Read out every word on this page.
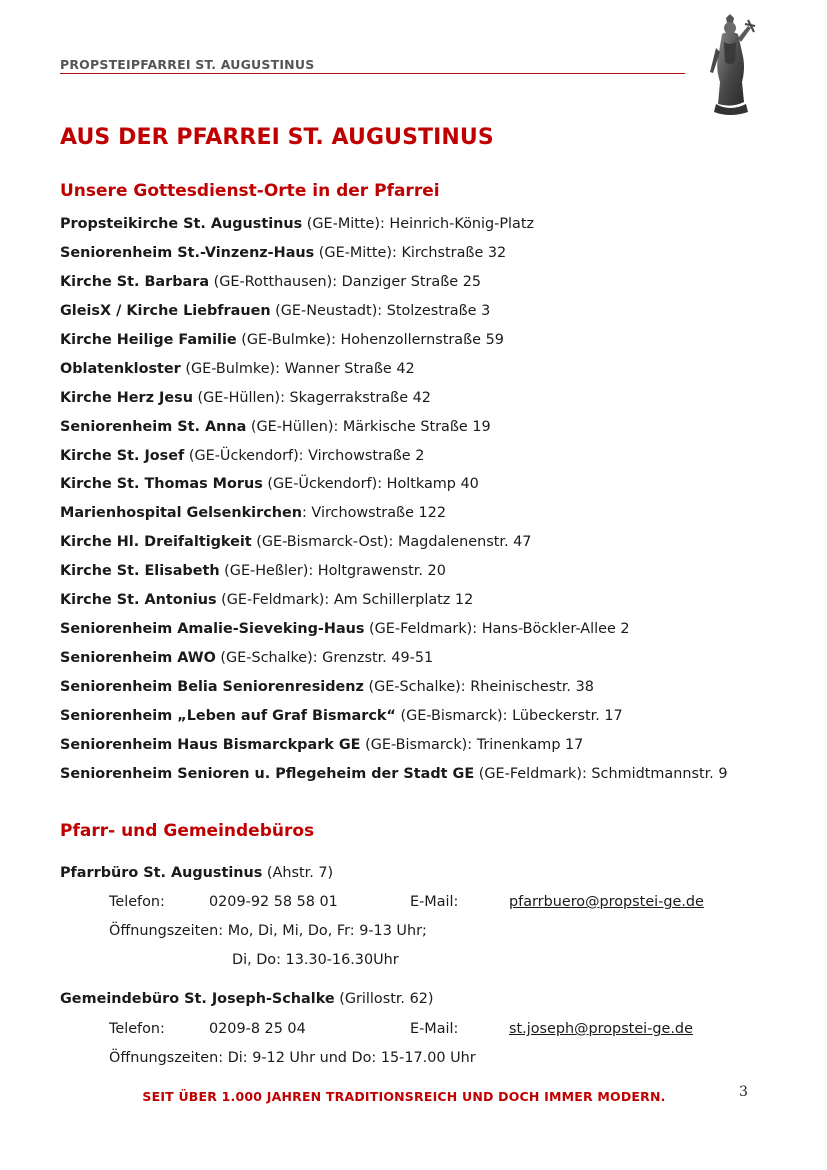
PROPSTEIPFARREI ST. AUGUSTINUS
AUS DER PFARREI ST. AUGUSTINUS
Unsere Gottesdienst-Orte in der Pfarrei
Propsteikirche St. Augustinus (GE-Mitte): Heinrich-König-Platz
Seniorenheim St.-Vinzenz-Haus (GE-Mitte): Kirchstraße 32
Kirche St. Barbara (GE-Rotthausen): Danziger Straße 25
GleisX / Kirche Liebfrauen (GE-Neustadt): Stolzestraße 3
Kirche Heilige Familie (GE-Bulmke): Hohenzollernstraße 59
Oblatenkloster (GE-Bulmke): Wanner Straße 42
Kirche Herz Jesu (GE-Hüllen): Skagerrakstraße 42
Seniorenheim St. Anna (GE-Hüllen): Märkische Straße 19
Kirche St. Josef (GE-Ückendorf): Virchowstraße 2
Kirche St. Thomas Morus (GE-Ückendorf): Holtkamp 40
Marienhospital Gelsenkirchen: Virchowstraße 122
Kirche Hl. Dreifaltigkeit (GE-Bismarck-Ost): Magdalenenstr. 47
Kirche St. Elisabeth (GE-Heßler): Holtgrawenstr. 20
Kirche St. Antonius (GE-Feldmark): Am Schillerplatz 12
Seniorenheim Amalie-Sieveking-Haus (GE-Feldmark): Hans-Böckler-Allee 2
Seniorenheim AWO (GE-Schalke): Grenzstr. 49-51
Seniorenheim Belia Seniorenresidenz (GE-Schalke): Rheinischestr. 38
Seniorenheim „Leben auf Graf Bismarck“ (GE-Bismarck): Lübeckerstr. 17
Seniorenheim Haus Bismarckpark GE (GE-Bismarck): Trinenkamp 17
Seniorenheim Senioren u. Pflegeheim der Stadt GE (GE-Feldmark): Schmidtmannstr. 9
Pfarr- und Gemeindebüros
Pfarrbüro St. Augustinus (Ahstr. 7)
Telefon:	0209-92 58 58 01	E-Mail:	pfarrbuero@propstei-ge.de
Öffnungszeiten: Mo, Di, Mi, Do, Fr: 9-13 Uhr;
Di, Do: 13.30-16.30Uhr
Gemeindebüro St. Joseph-Schalke (Grillostr. 62)
Telefon:	0209-8 25 04	E-Mail:	st.joseph@propstei-ge.de
Öffnungszeiten: Di: 9-12 Uhr und Do: 15-17.00 Uhr
SEIT ÜBER 1.000 JAHREN TRADITIONSREICH UND DOCH IMMER MODERN.	3
